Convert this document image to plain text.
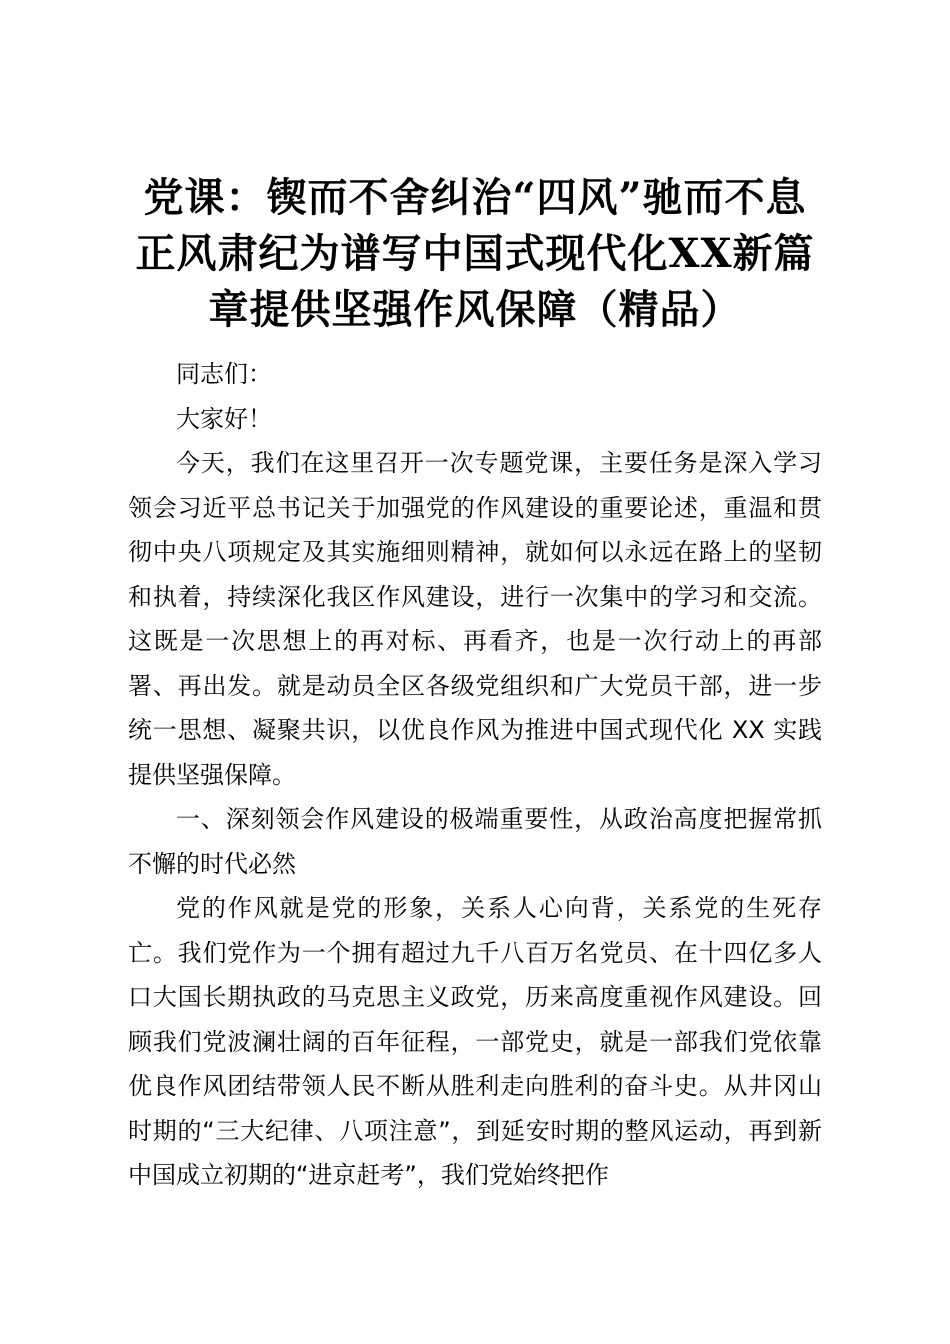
党课：锲而不舍纠治“四风”驰而不息
正风肃纪为谱写中国式现代化XX新篇
章提供坚强作风保障（精品）

同志们：

大家好！

今天，我们在这里召开一次专题党课，主要任务是深入学习领会习近平总书记关于加强党的作风建设的重要论述，重温和贯彻中央八项规定及其实施细则精神，就如何以永远在路上的坚韧和执着，持续深化我区作风建设，进行一次集中的学习和交流。这既是一次思想上的再对标、再看齐，也是一次行动上的再部署、再出发。就是动员全区各级党组织和广大党员干部，进一步统一思想、凝聚共识，以优良作风为推进中国式现代化 XX 实践提供坚强保障。

一、深刻领会作风建设的极端重要性，从政治高度把握常抓不懈的时代必然

党的作风就是党的形象，关系人心向背，关系党的生死存亡。我们党作为一个拥有超过九千八百万名党员、在十四亿多人口大国长期执政的马克思主义政党，历来高度重视作风建设。回顾我们党波澜壮阔的百年征程，一部党史，就是一部我们党依靠优良作风团结带领人民不断从胜利走向胜利的奋斗史。从井冈山时期的“三大纪律、八项注意”，到延安时期的整风运动，再到新中国成立初期的“进京赶考”，我们党始终把作
